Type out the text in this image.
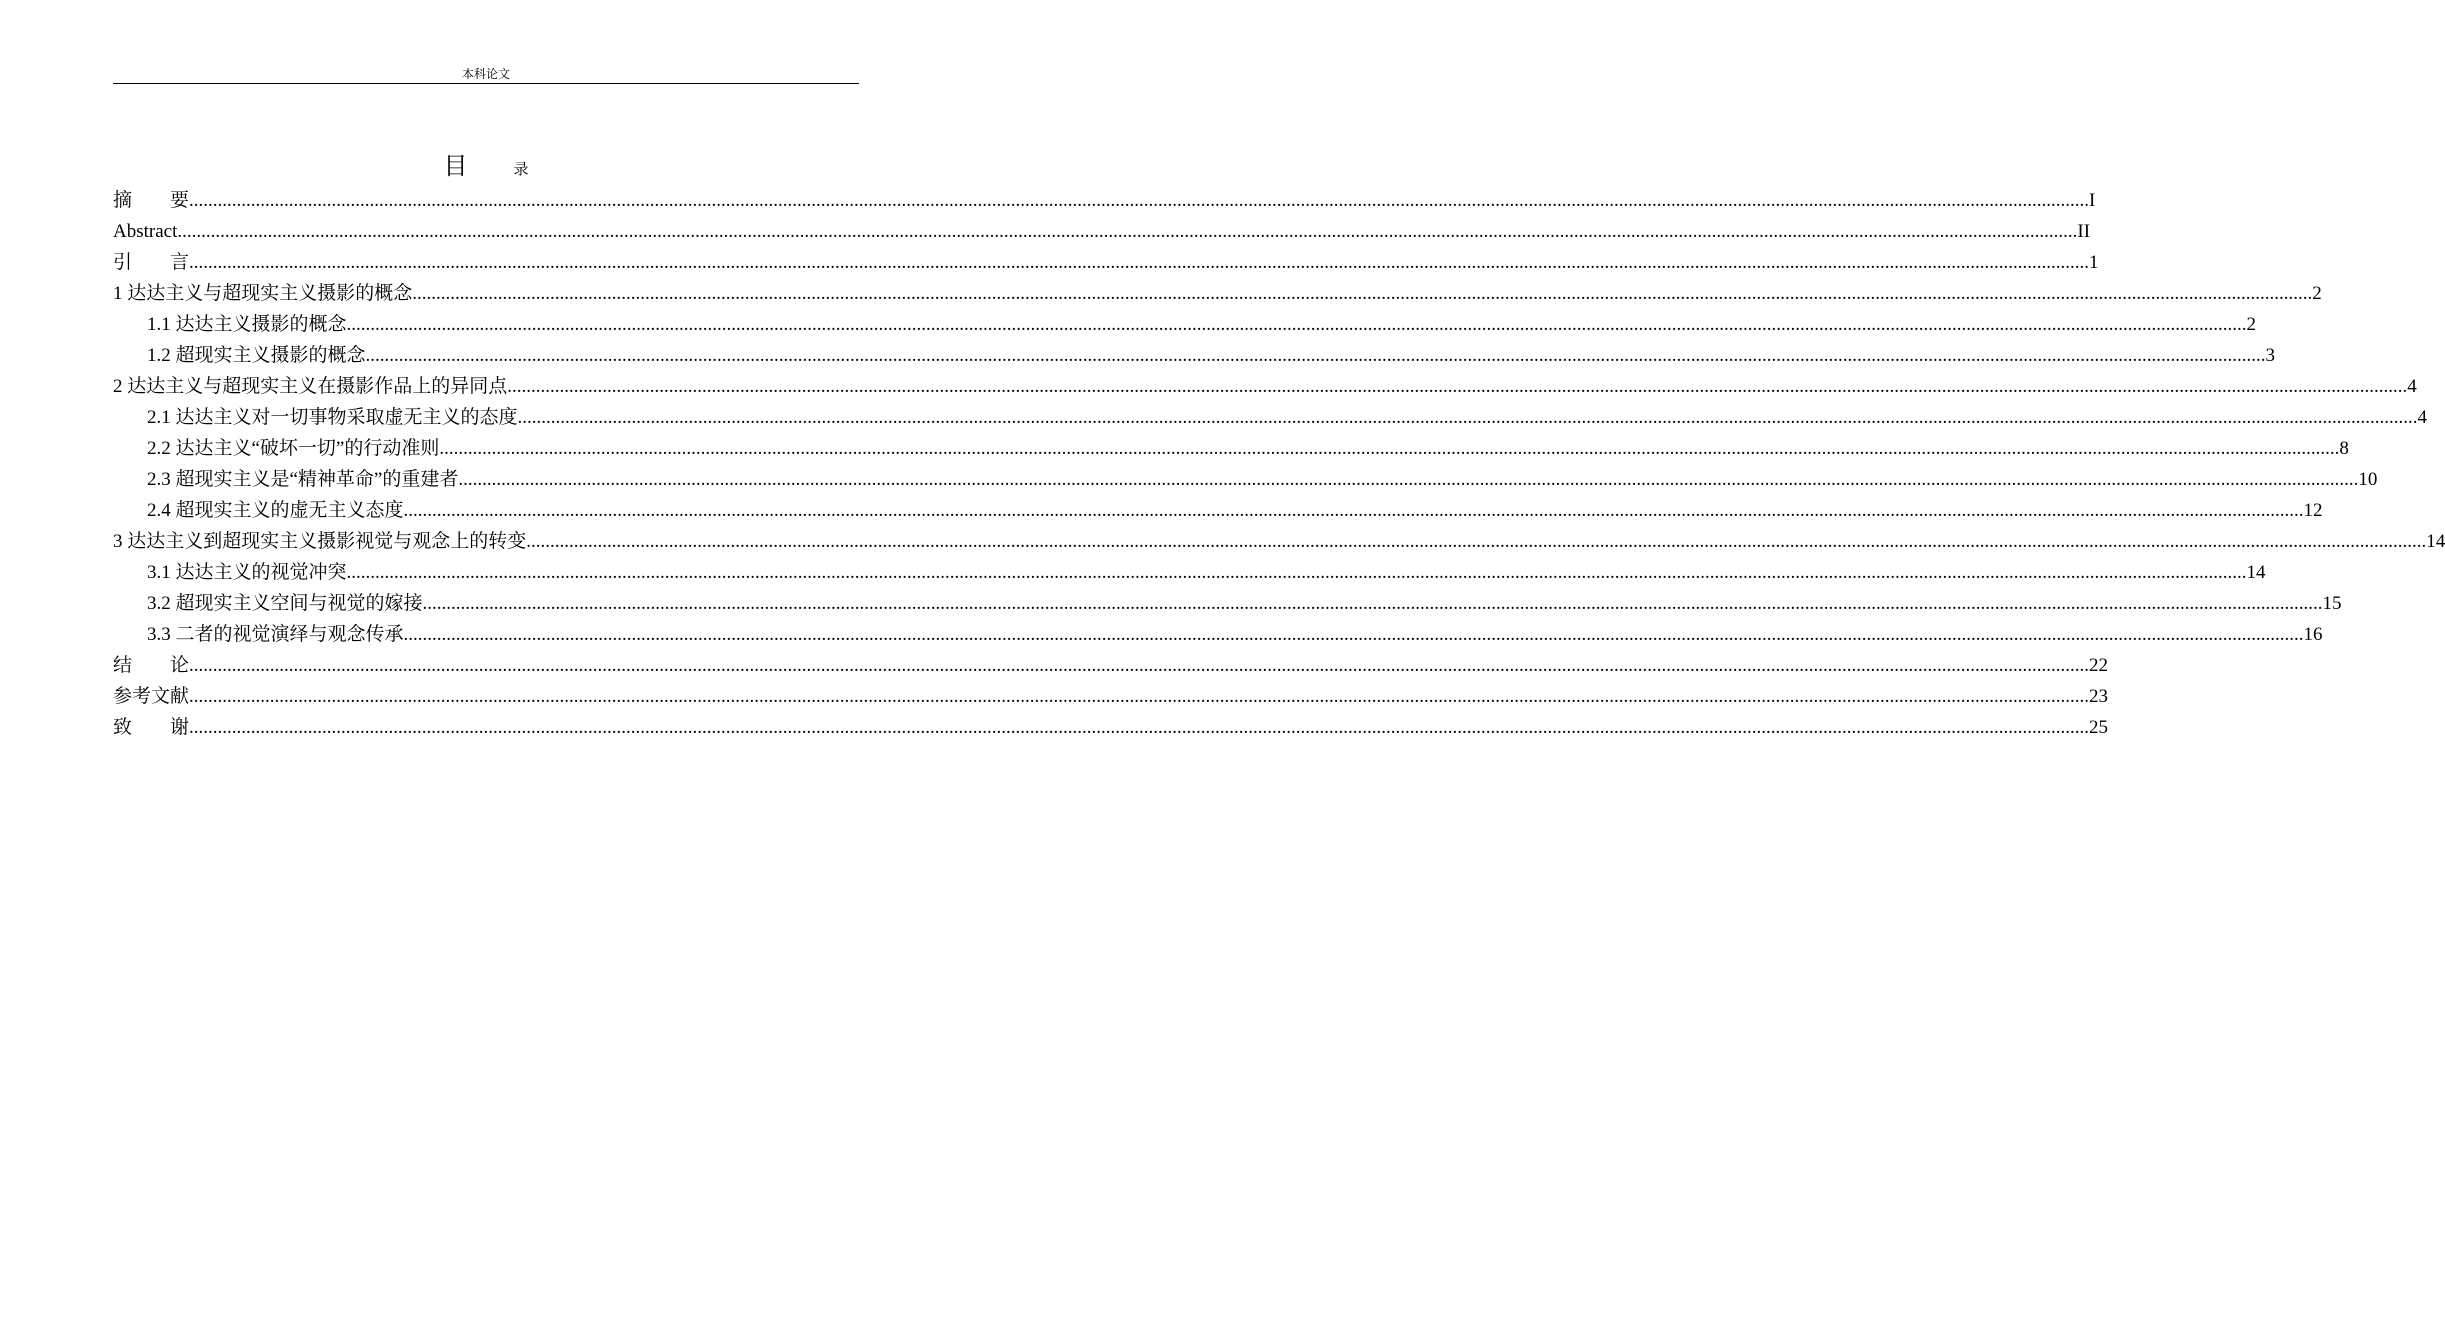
本科论文
目	录
摘　　要 ................................................................................................................................................................................................................................................................................................................................................................................................................ I
Abstract ................................................................................................................................................................................................................................................................................................................................................................................................................ II
引　　言 ................................................................................................................................................................................................................................................................................................................................................................................................................ 1
1 达达主义与超现实主义摄影的概念 ................................................................................................................................................................................................................................................................................................................................................................................................................ 2
1.1 达达主义摄影的概念 ................................................................................................................................................................................................................................................................................................................................................................................................................ 2
1.2 超现实主义摄影的概念 ................................................................................................................................................................................................................................................................................................................................................................................................................ 3
2 达达主义与超现实主义在摄影作品上的异同点 ................................................................................................................................................................................................................................................................................................................................................................................................................ 4
2.1 达达主义对一切事物采取虚无主义的态度 ................................................................................................................................................................................................................................................................................................................................................................................................................ 4
2.2 达达主义“破坏一切”的行动准则 ................................................................................................................................................................................................................................................................................................................................................................................................................ 8
2.3 超现实主义是“精神革命”的重建者 ................................................................................................................................................................................................................................................................................................................................................................................................................ 10
2.4 超现实主义的虚无主义态度 ................................................................................................................................................................................................................................................................................................................................................................................................................ 12
3 达达主义到超现实主义摄影视觉与观念上的转变 ................................................................................................................................................................................................................................................................................................................................................................................................................ 14
3.1 达达主义的视觉冲突 ................................................................................................................................................................................................................................................................................................................................................................................................................ 14
3.2 超现实主义空间与视觉的嫁接 ................................................................................................................................................................................................................................................................................................................................................................................................................ 15
3.3 二者的视觉演绎与观念传承 ................................................................................................................................................................................................................................................................................................................................................................................................................ 16
结　　论 ................................................................................................................................................................................................................................................................................................................................................................................................................ 22
参考文献 ................................................................................................................................................................................................................................................................................................................................................................................................................ 23
致　　谢 ................................................................................................................................................................................................................................................................................................................................................................................................................ 25
